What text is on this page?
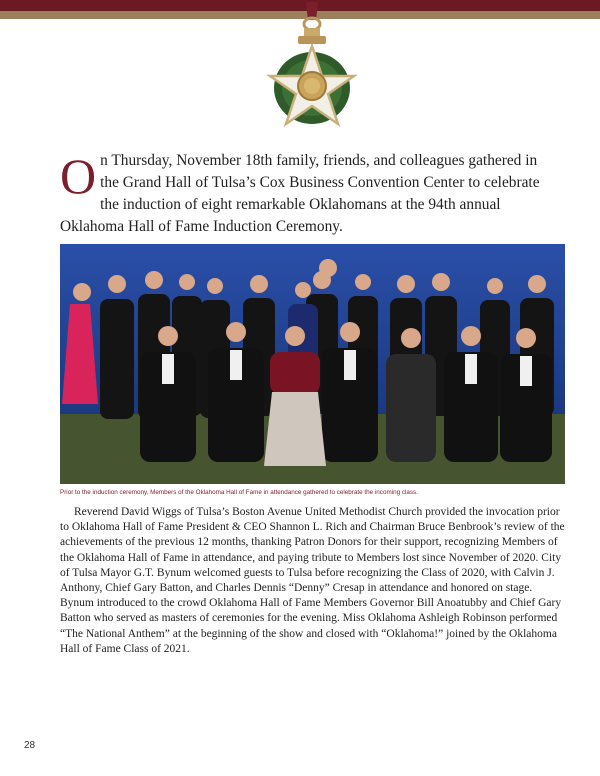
On Thursday, November 18th family, friends, and colleagues gathered in the Grand Hall of Tulsa’s Cox Business Convention Center to celebrate the induction of eight remarkable Oklahomans at the 94th annual Oklahoma Hall of Fame Induction Ceremony.
Prior to the induction ceremony, Members of the Oklahoma Hall of Fame in attendance gathered to celebrate the incoming class.
Reverend David Wiggs of Tulsa’s Boston Avenue United Methodist Church provided the invocation prior to Oklahoma Hall of Fame President & CEO Shannon L. Rich and Chairman Bruce Benbrook’s review of the achievements of the previous 12 months, thanking Patron Donors for their support, recognizing Members of the Oklahoma Hall of Fame in attendance, and paying tribute to Members lost since November of 2020. City of Tulsa Mayor G.T. Bynum welcomed guests to Tulsa before recognizing the Class of 2020, with Calvin J. Anthony, Chief Gary Batton, and Charles Dennis “Denny” Cresap in attendance and honored on stage. Bynum introduced to the crowd Oklahoma Hall of Fame Members Governor Bill Anoatubby and Chief Gary Batton who served as masters of ceremonies for the evening. Miss Oklahoma Ashleigh Robinson performed “The National Anthem” at the beginning of the show and closed with “Oklahoma!” joined by the Oklahoma Hall of Fame Class of 2021.
28
